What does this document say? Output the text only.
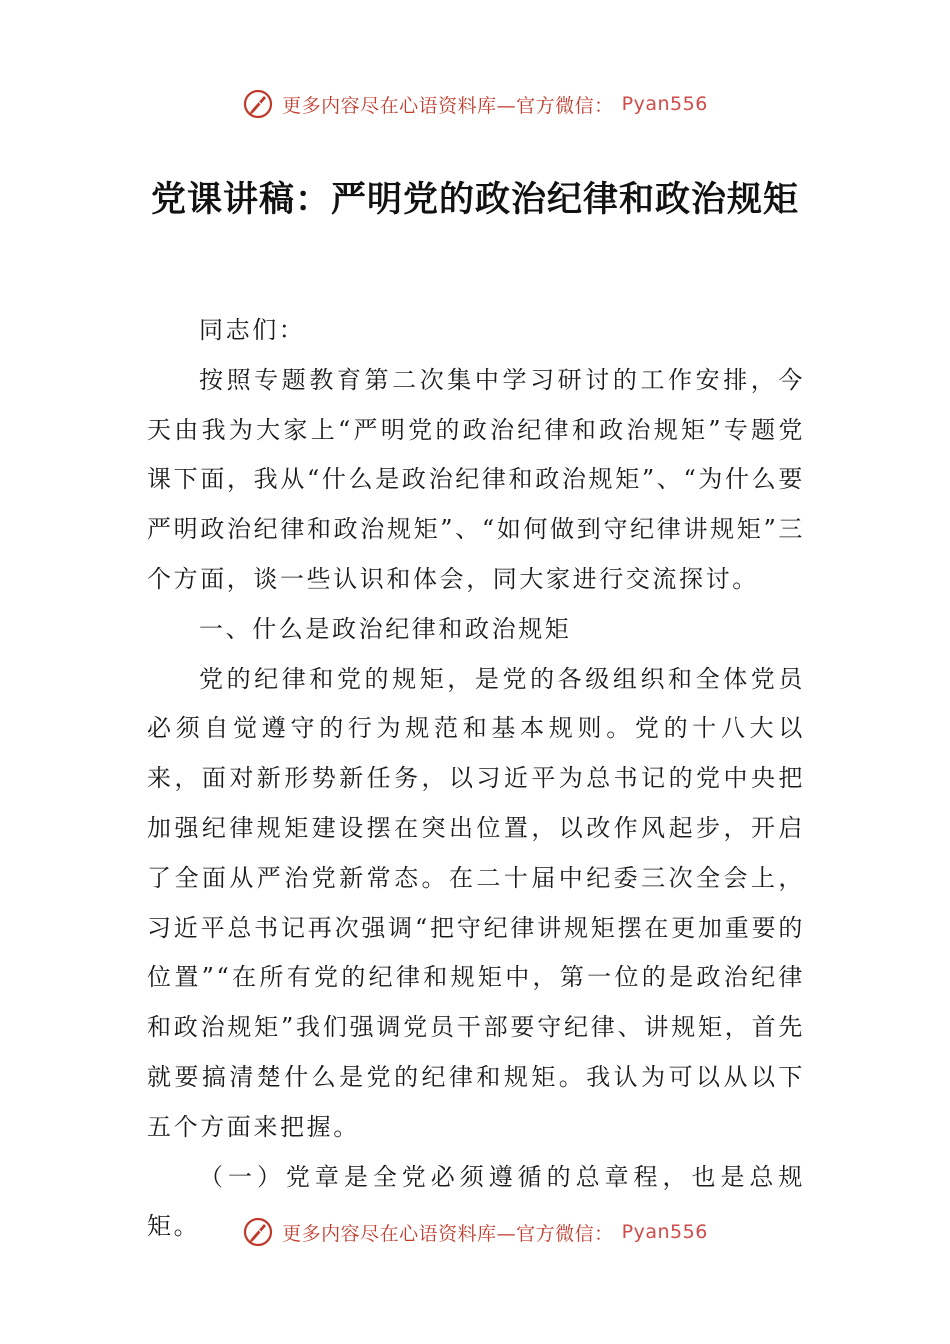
更多内容尽在心语资料库—官方微信： Pyan556
党课讲稿：严明党的政治纪律和政治规矩

同志们：

按照专题教育第二次集中学习研讨的工作安排，今天由我为大家上“严明党的政治纪律和政治规矩”专题党课下面，我从“什么是政治纪律和政治规矩”、“为什么要严明政治纪律和政治规矩”、“如何做到守纪律讲规矩”三个方面，谈一些认识和体会，同大家进行交流探讨。

一、什么是政治纪律和政治规矩

党的纪律和党的规矩，是党的各级组织和全体党员必须自觉遵守的行为规范和基本规则。党的十八大以来，面对新形势新任务，以习近平为总书记的党中央把加强纪律规矩建设摆在突出位置，以改作风起步，开启了全面从严治党新常态。在二十届中纪委三次全会上，习近平总书记再次强调“把守纪律讲规矩摆在更加重要的位置”“在所有党的纪律和规矩中，第一位的是政治纪律和政治规矩”我们强调党员干部要守纪律、讲规矩，首先就要搞清楚什么是党的纪律和规矩。我认为可以从以下五个方面来把握。

（一）党章是全党必须遵循的总章程，也是总规矩。	更多内容尽在心语资料库—官方微信： Pyan556
